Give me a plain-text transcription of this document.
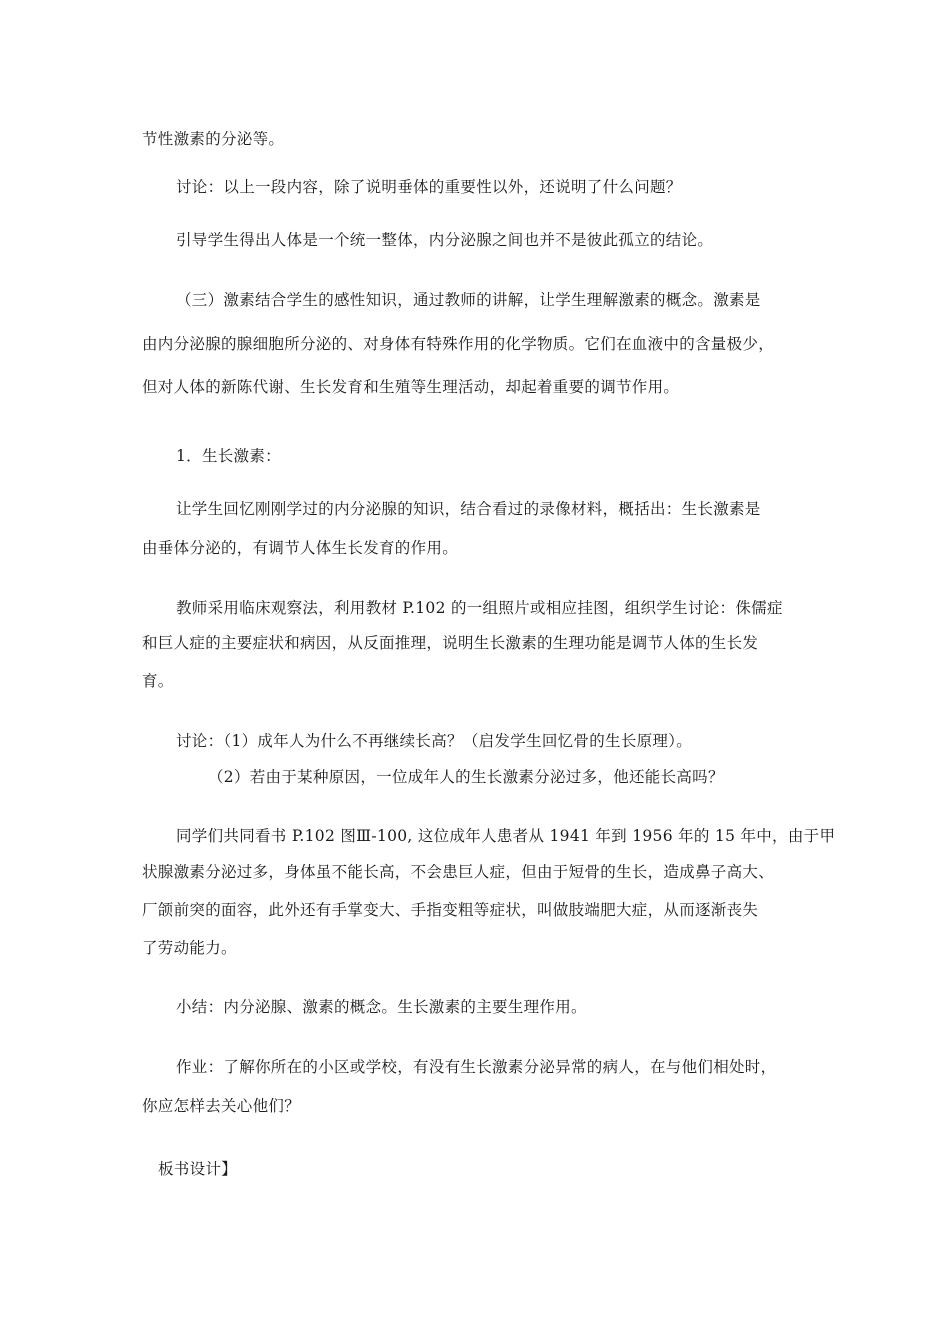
节性激素的分泌等。
讨论：以上一段内容，除了说明垂体的重要性以外，还说明了什么问题？
引导学生得出人体是一个统一整体，内分泌腺之间也并不是彼此孤立的结论。
（三）激素结合学生的感性知识，通过教师的讲解，让学生理解激素的概念。激素是
由内分泌腺的腺细胞所分泌的、对身体有特殊作用的化学物质。它们在血液中的含量极少，
但对人体的新陈代谢、生长发育和生殖等生理活动，却起着重要的调节作用。
1．生长激素：
让学生回忆刚刚学过的内分泌腺的知识，结合看过的录像材料，概括出：生长激素是
由垂体分泌的，有调节人体生长发育的作用。
教师采用临床观察法，利用教材 P.102 的一组照片或相应挂图，组织学生讨论：侏儒症
和巨人症的主要症状和病因，从反面推理，说明生长激素的生理功能是调节人体的生长发
育。
讨论：（1）成年人为什么不再继续长高？（启发学生回忆骨的生长原理）。
（2）若由于某种原因，一位成年人的生长激素分泌过多，他还能长高吗？
同学们共同看书 P.102 图Ⅲ-100, 这位成年人患者从 1941 年到 1956 年的 15 年中，由于甲
状腺激素分泌过多，身体虽不能长高，不会患巨人症，但由于短骨的生长，造成鼻子高大、
厂颌前突的面容，此外还有手掌变大、手指变粗等症状，叫做肢端肥大症，从而逐渐丧失
了劳动能力。
小结：内分泌腺、激素的概念。生长激素的主要生理作用。
作业：了解你所在的小区或学校，有没有生长激素分泌异常的病人，在与他们相处时，
你应怎样去关心他们？
板书设计】
